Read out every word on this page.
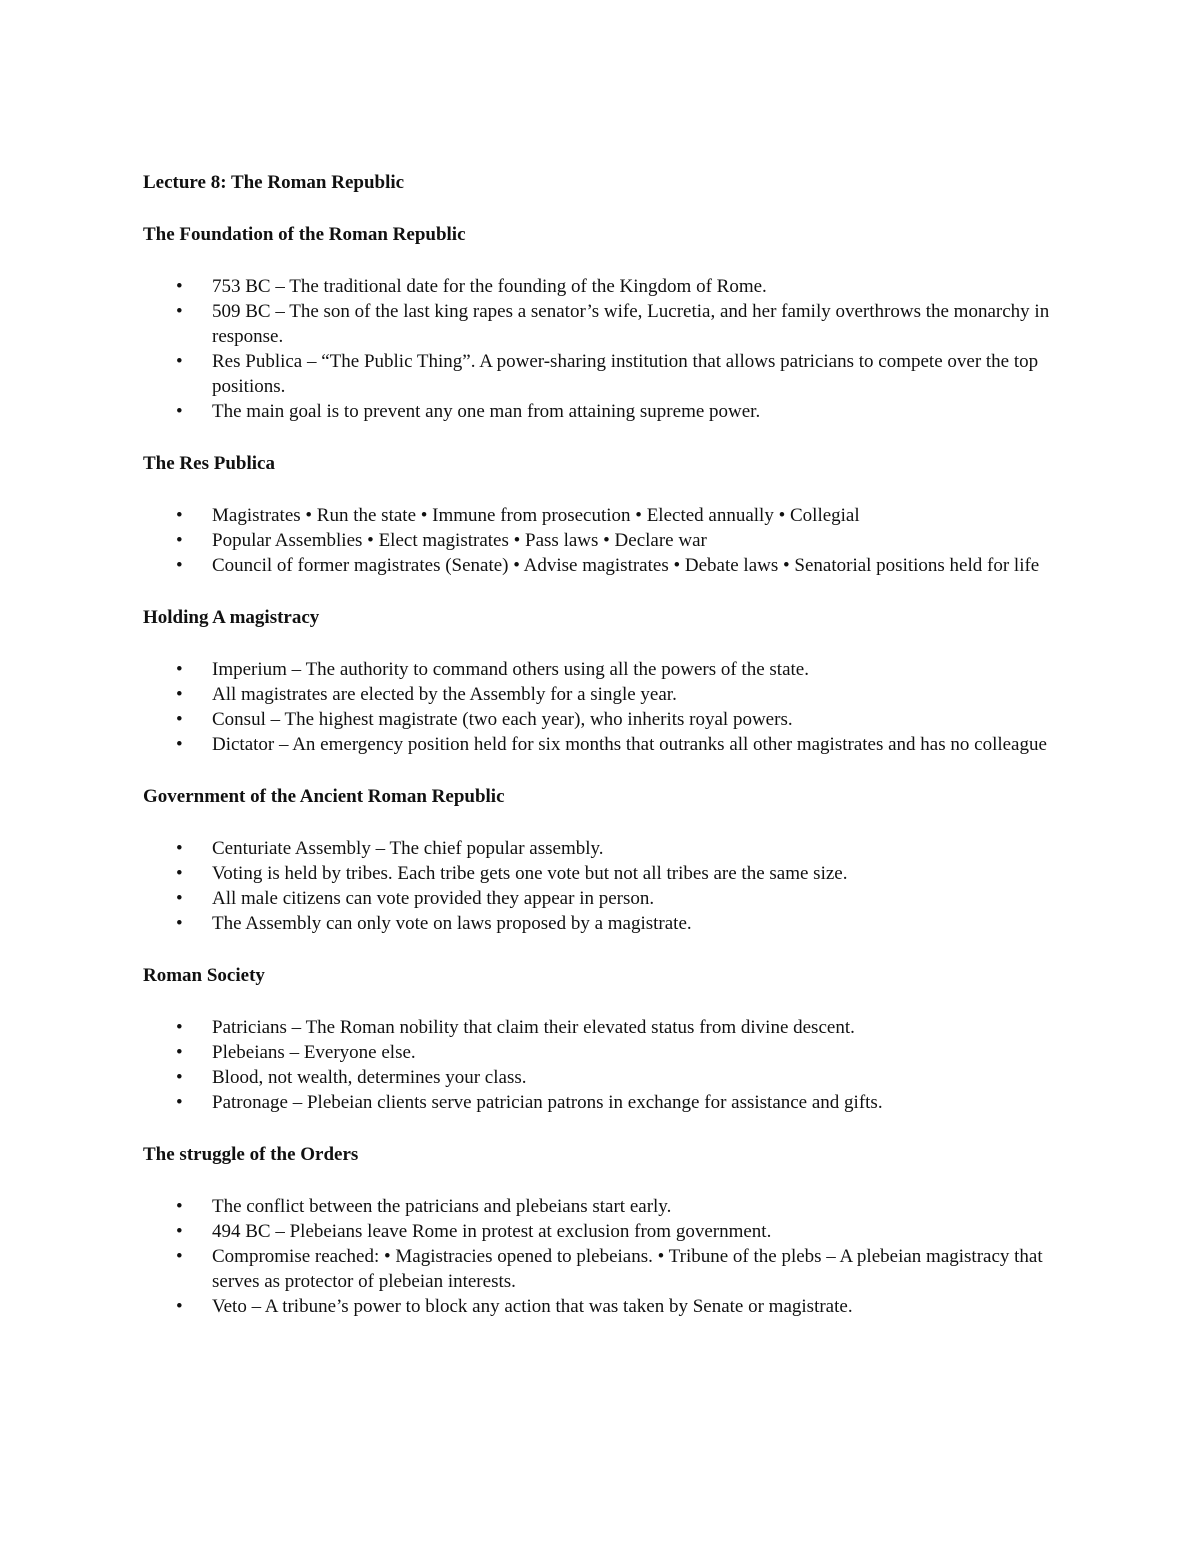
Lecture 8: The Roman Republic
The Foundation of the Roman Republic
• 753 BC – The traditional date for the founding of the Kingdom of Rome.
• 509 BC – The son of the last king rapes a senator’s wife, Lucretia, and her family overthrows the monarchy in response.
• Res Publica – “The Public Thing”. A power-sharing institution that allows patricians to compete over the top positions.
• The main goal is to prevent any one man from attaining supreme power.
The Res Publica
• Magistrates • Run the state • Immune from prosecution • Elected annually • Collegial
• Popular Assemblies • Elect magistrates • Pass laws • Declare war
• Council of former magistrates (Senate) • Advise magistrates • Debate laws • Senatorial positions held for life
Holding A magistracy
• Imperium – The authority to command others using all the powers of the state.
• All magistrates are elected by the Assembly for a single year.
• Consul – The highest magistrate (two each year), who inherits royal powers.
• Dictator – An emergency position held for six months that outranks all other magistrates and has no colleague
Government of the Ancient Roman Republic
• Centuriate Assembly – The chief popular assembly.
• Voting is held by tribes. Each tribe gets one vote but not all tribes are the same size.
• All male citizens can vote provided they appear in person.
• The Assembly can only vote on laws proposed by a magistrate.
Roman Society
• Patricians – The Roman nobility that claim their elevated status from divine descent.
• Plebeians – Everyone else.
• Blood, not wealth, determines your class.
• Patronage – Plebeian clients serve patrician patrons in exchange for assistance and gifts.
The struggle of the Orders
• The conflict between the patricians and plebeians start early.
• 494 BC – Plebeians leave Rome in protest at exclusion from government.
• Compromise reached: • Magistracies opened to plebeians. • Tribune of the plebs – A plebeian magistracy that serves as protector of plebeian interests.
• Veto – A tribune’s power to block any action that was taken by Senate or magistrate.
